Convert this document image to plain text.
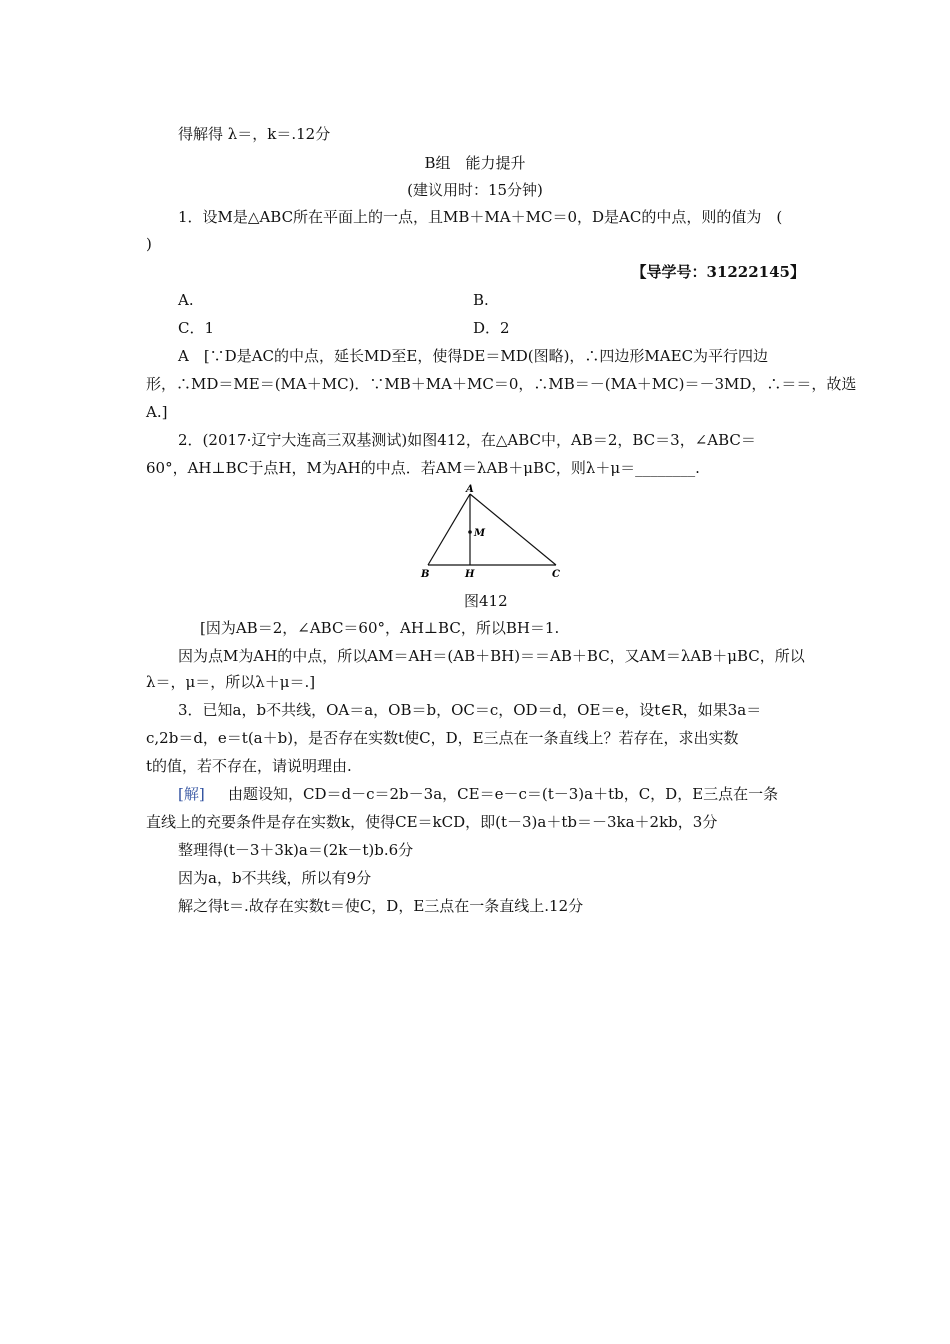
得解得 λ＝，k＝.12分
B组　能力提升
(建议用时：15分钟)
1．设M是△ABC所在平面上的一点，且MB＋MA＋MC＝0，D是AC的中点，则的值为　(
)
【导学号：31222145】
A.	B.
C．1	D．2
A　[∵D是AC的中点，延长MD至E，使得DE＝MD(图略)，∴四边形MAEC为平行四边
形，∴MD＝ME＝(MA＋MC)．∵MB＋MA＋MC＝0，∴MB＝－(MA＋MC)＝－3MD，∴＝＝，故选
A.]
2．(2017·辽宁大连高三双基测试)如图412，在△ABC中，AB＝2，BC＝3，∠ABC＝
60°，AH⊥BC于点H，M为AH的中点．若AM＝λAB＋μBC，则λ＋μ＝________.
A
M
B	H	C
图412
[因为AB＝2，∠ABC＝60°，AH⊥BC，所以BH＝1.
因为点M为AH的中点，所以AM＝AH＝(AB＋BH)＝＝AB＋BC，又AM＝λAB＋μBC，所以
λ＝，μ＝，所以λ＋μ＝.]
3．已知a，b不共线，OA＝a，OB＝b，OC＝c，OD＝d，OE＝e，设t∈R，如果3a＝
c,2b＝d，e＝t(a＋b)，是否存在实数t使C，D，E三点在一条直线上？若存在，求出实数
t的值，若不存在，请说明理由.
[解] 由题设知，CD＝d－c＝2b－3a，CE＝e－c＝(t－3)a＋tb，C，D，E三点在一条
直线上的充要条件是存在实数k，使得CE＝kCD，即(t－3)a＋tb＝－3ka＋2kb，3分
整理得(t－3＋3k)a＝(2k－t)b.6分
因为a，b不共线，所以有9分
解之得t＝.故存在实数t＝使C，D，E三点在一条直线上.12分
